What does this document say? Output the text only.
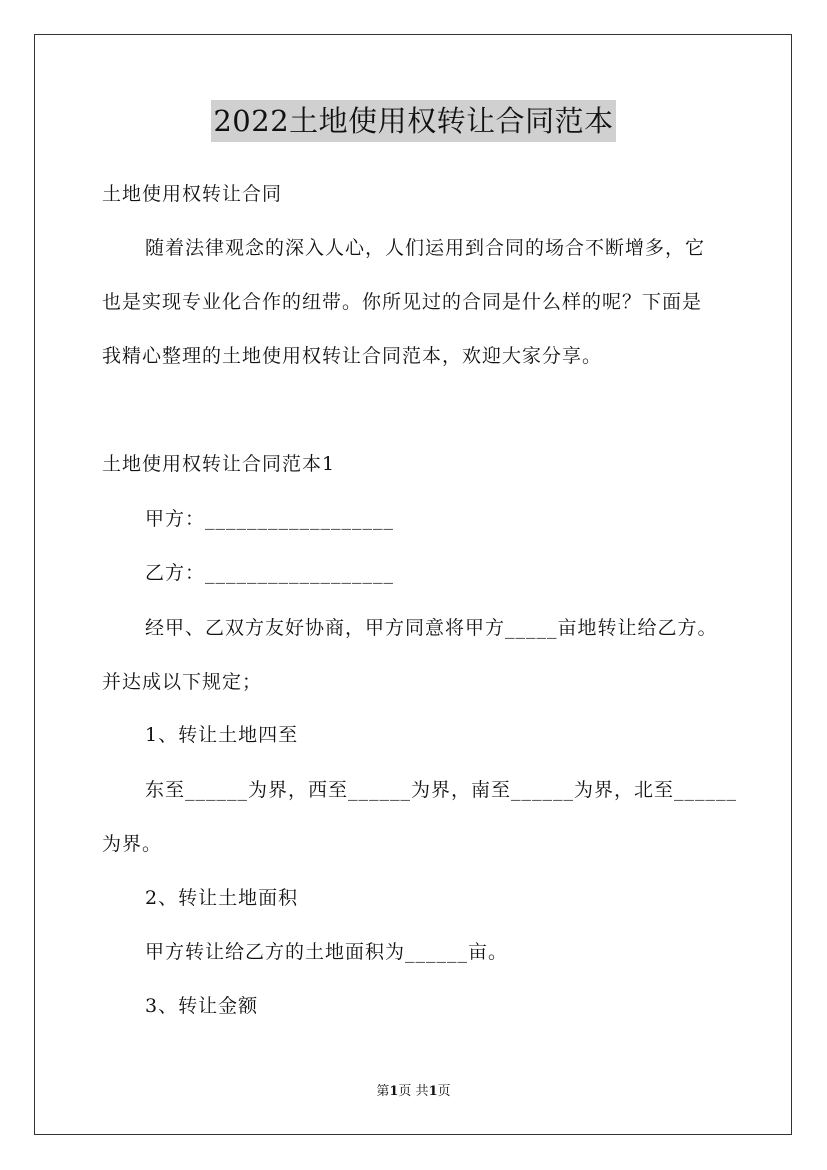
2022土地使用权转让合同范本
土地使用权转让合同
随着法律观念的深入人心，人们运用到合同的场合不断增多，它
也是实现专业化合作的纽带。你所见过的合同是什么样的呢？下面是
我精心整理的土地使用权转让合同范本，欢迎大家分享。
土地使用权转让合同范本1
甲方：__________________
乙方：__________________
经甲、乙双方友好协商，甲方同意将甲方_____亩地转让给乙方。
并达成以下规定；
1、转让土地四至
东至______为界，西至______为界，南至______为界，北至______
为界。
2、转让土地面积
甲方转让给乙方的土地面积为______亩。
3、转让金额
第1页 共1页
